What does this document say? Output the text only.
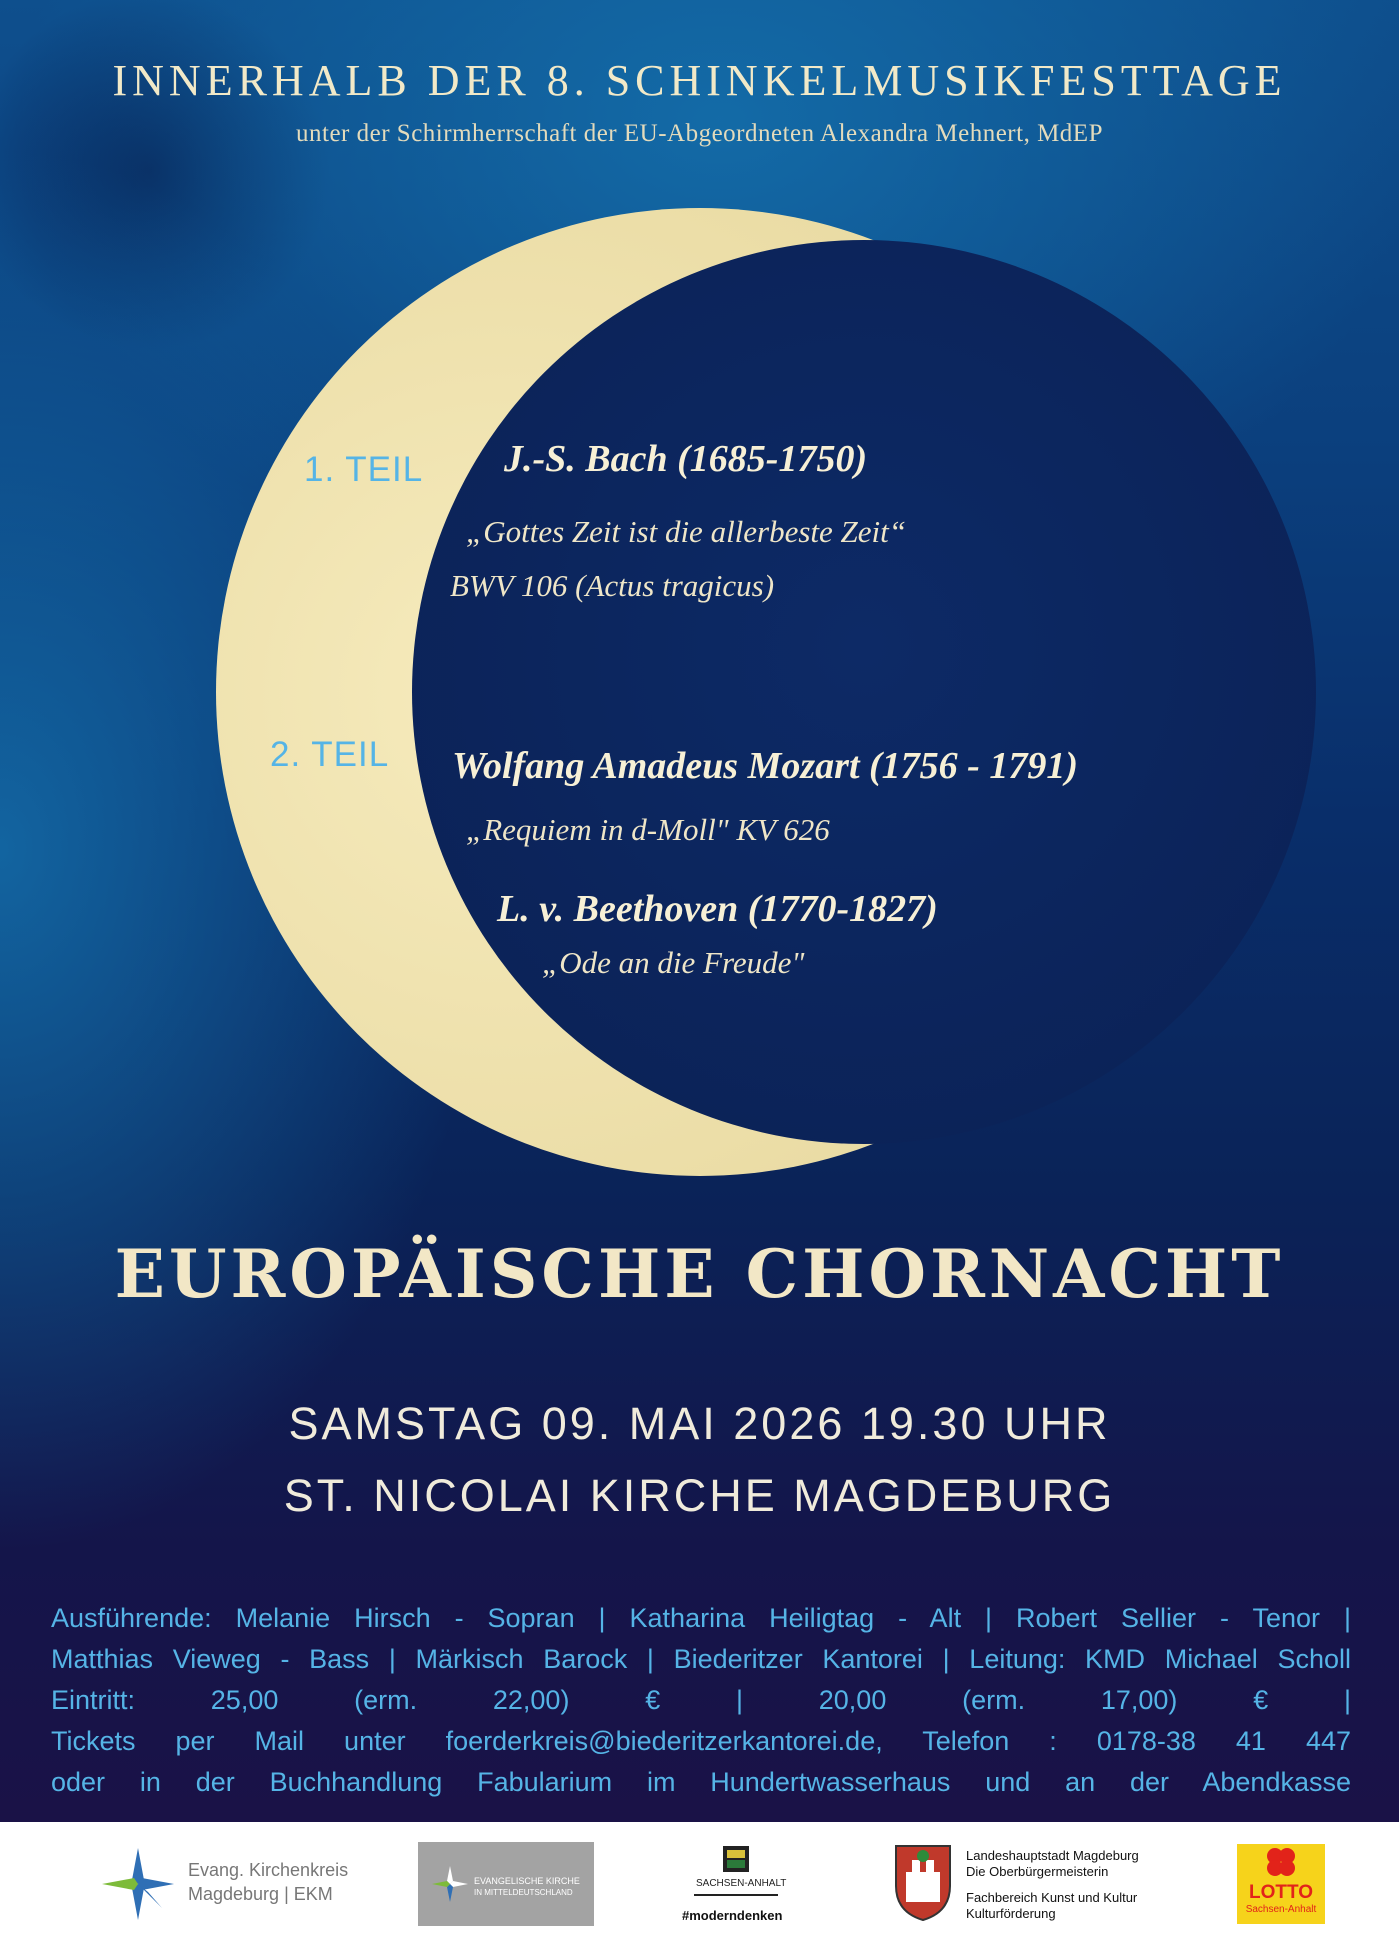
INNERHALB DER 8. SCHINKELMUSIKFESTTAGE
unter der Schirmherrschaft der EU-Abgeordneten Alexandra Mehnert, MdEP
1. TEIL J.-S. Bach (1685-1750)
„Gottes Zeit ist die allerbeste Zeit“
BWV 106 (Actus tragicus)
2. TEIL Wolfang Amadeus Mozart (1756 - 1791)
„Requiem in d-Moll" KV 626
L. v. Beethoven (1770-1827)
„Ode an die Freude"
EUROPÄISCHE CHORNACHT
SAMSTAG 09. MAI 2026 19.30 UHR
ST. NICOLAI KIRCHE MAGDEBURG
Ausführende: Melanie Hirsch - Sopran | Katharina Heiligtag - Alt | Robert Sellier - Tenor |
Matthias Vieweg - Bass | Märkisch Barock | Biederitzer Kantorei | Leitung: KMD Michael Scholl
Eintritt: 25,00 (erm. 22,00) € | 20,00 (erm. 17,00) € |
Tickets per Mail unter foerderkreis@biederitzerkantorei.de, Telefon : 0178-38 41 447
oder in der Buchhandlung Fabularium im Hundertwasserhaus und an der Abendkasse
Evang. Kirchenkreis
Magdeburg | EKM
EVANGELISCHE KIRCHE
IN MITTELDEUTSCHLAND
SACHSEN-ANHALT
#moderndenken
Landeshauptstadt Magdeburg
Die Oberbürgermeisterin
Fachbereich Kunst und Kultur
Kulturförderung
LOTTO
Sachsen-Anhalt
